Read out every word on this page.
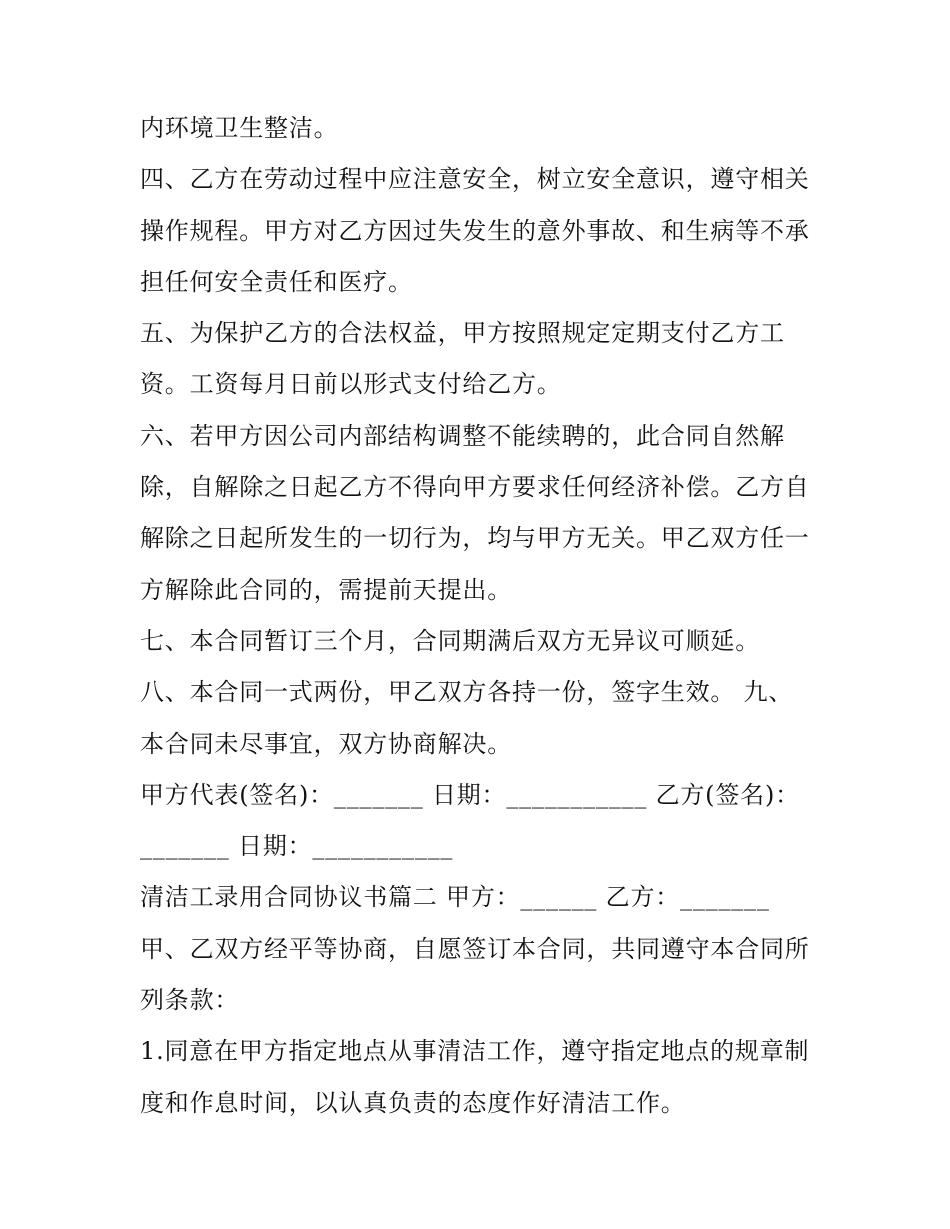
内环境卫生整洁。
四、乙方在劳动过程中应注意安全，树立安全意识，遵守相关
操作规程。甲方对乙方因过失发生的意外事故、和生病等不承
担任何安全责任和医疗。
五、为保护乙方的合法权益，甲方按照规定定期支付乙方工
资。工资每月日前以形式支付给乙方。
六、若甲方因公司内部结构调整不能续聘的，此合同自然解
除，自解除之日起乙方不得向甲方要求任何经济补偿。乙方自
解除之日起所发生的一切行为，均与甲方无关。甲乙双方任一
方解除此合同的，需提前天提出。
七、本合同暂订三个月，合同期满后双方无异议可顺延。
八、本合同一式两份，甲乙双方各持一份，签字生效。 九、
本合同未尽事宜，双方协商解决。
甲方代表(签名)：_______ 日期：___________ 乙方(签名)：
_______ 日期：___________
清洁工录用合同协议书篇二 甲方：______ 乙方：_______
甲、乙双方经平等协商，自愿签订本合同，共同遵守本合同所
列条款：
1.同意在甲方指定地点从事清洁工作，遵守指定地点的规章制
度和作息时间，以认真负责的态度作好清洁工作。
